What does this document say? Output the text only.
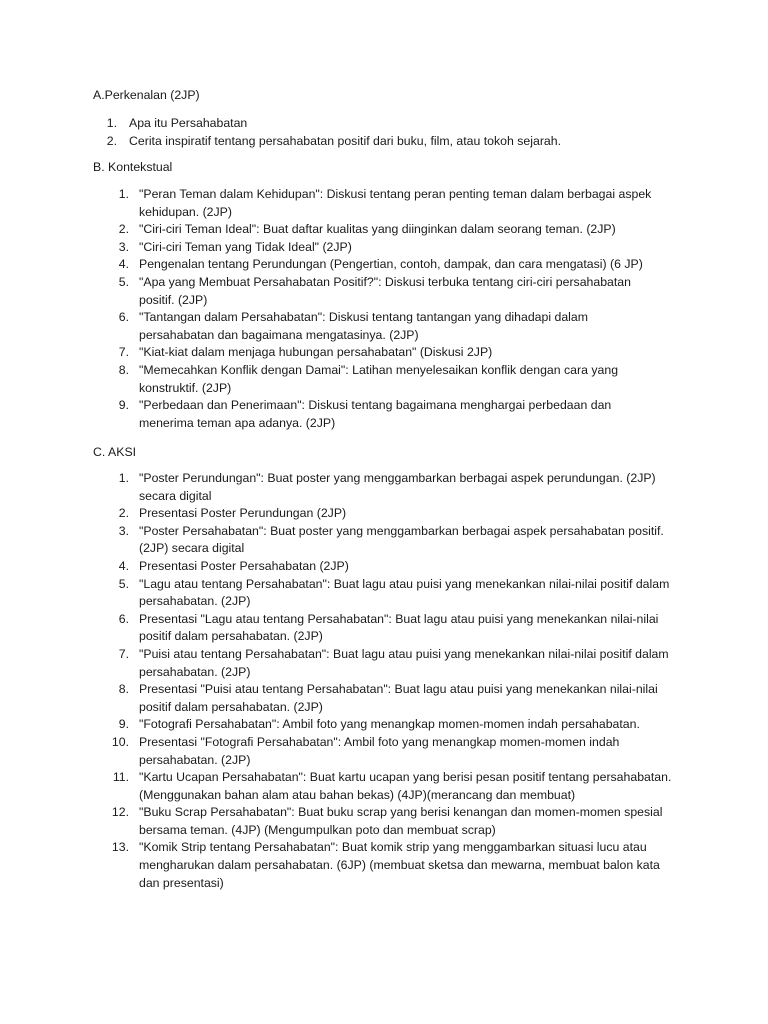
A.Perkenalan (2JP)

1. Apa itu Persahabatan
2. Cerita inspiratif tentang persahabatan positif dari buku, film, atau tokoh sejarah.

B. Kontekstual

1. "Peran Teman dalam Kehidupan": Diskusi tentang peran penting teman dalam berbagai aspek kehidupan. (2JP)
2. "Ciri-ciri Teman Ideal": Buat daftar kualitas yang diinginkan dalam seorang teman. (2JP)
3. "Ciri-ciri Teman yang Tidak Ideal" (2JP)
4. Pengenalan tentang Perundungan (Pengertian, contoh, dampak, dan cara mengatasi) (6 JP)
5. "Apa yang Membuat Persahabatan Positif?": Diskusi terbuka tentang ciri-ciri persahabatan positif. (2JP)
6. "Tantangan dalam Persahabatan": Diskusi tentang tantangan yang dihadapi dalam persahabatan dan bagaimana mengatasinya. (2JP)
7. "Kiat-kiat dalam menjaga hubungan persahabatan" (Diskusi 2JP)
8. "Memecahkan Konflik dengan Damai": Latihan menyelesaikan konflik dengan cara yang konstruktif. (2JP)
9. "Perbedaan dan Penerimaan": Diskusi tentang bagaimana menghargai perbedaan dan menerima teman apa adanya. (2JP)

C. AKSI

1. "Poster Perundungan": Buat poster yang menggambarkan berbagai aspek perundungan. (2JP) secara digital
2. Presentasi Poster Perundungan (2JP)
3. "Poster Persahabatan": Buat poster yang menggambarkan berbagai aspek persahabatan positif. (2JP) secara digital
4. Presentasi Poster Persahabatan (2JP)
5. "Lagu atau tentang Persahabatan": Buat lagu atau puisi yang menekankan nilai-nilai positif dalam persahabatan. (2JP)
6. Presentasi "Lagu atau tentang Persahabatan": Buat lagu atau puisi yang menekankan nilai-nilai positif dalam persahabatan. (2JP)
7. "Puisi atau tentang Persahabatan": Buat lagu atau puisi yang menekankan nilai-nilai positif dalam persahabatan. (2JP)
8. Presentasi "Puisi atau tentang Persahabatan": Buat lagu atau puisi yang menekankan nilai-nilai positif dalam persahabatan. (2JP)
9. "Fotografi Persahabatan": Ambil foto yang menangkap momen-momen indah persahabatan.
10. Presentasi "Fotografi Persahabatan": Ambil foto yang menangkap momen-momen indah persahabatan. (2JP)
11. "Kartu Ucapan Persahabatan": Buat kartu ucapan yang berisi pesan positif tentang persahabatan. (Menggunakan bahan alam atau bahan bekas) (4JP)(merancang dan membuat)
12. "Buku Scrap Persahabatan": Buat buku scrap yang berisi kenangan dan momen-momen spesial bersama teman. (4JP) (Mengumpulkan poto dan membuat scrap)
13. "Komik Strip tentang Persahabatan": Buat komik strip yang menggambarkan situasi lucu atau mengharukan dalam persahabatan. (6JP) (membuat sketsa dan mewarna, membuat balon kata dan presentasi)
